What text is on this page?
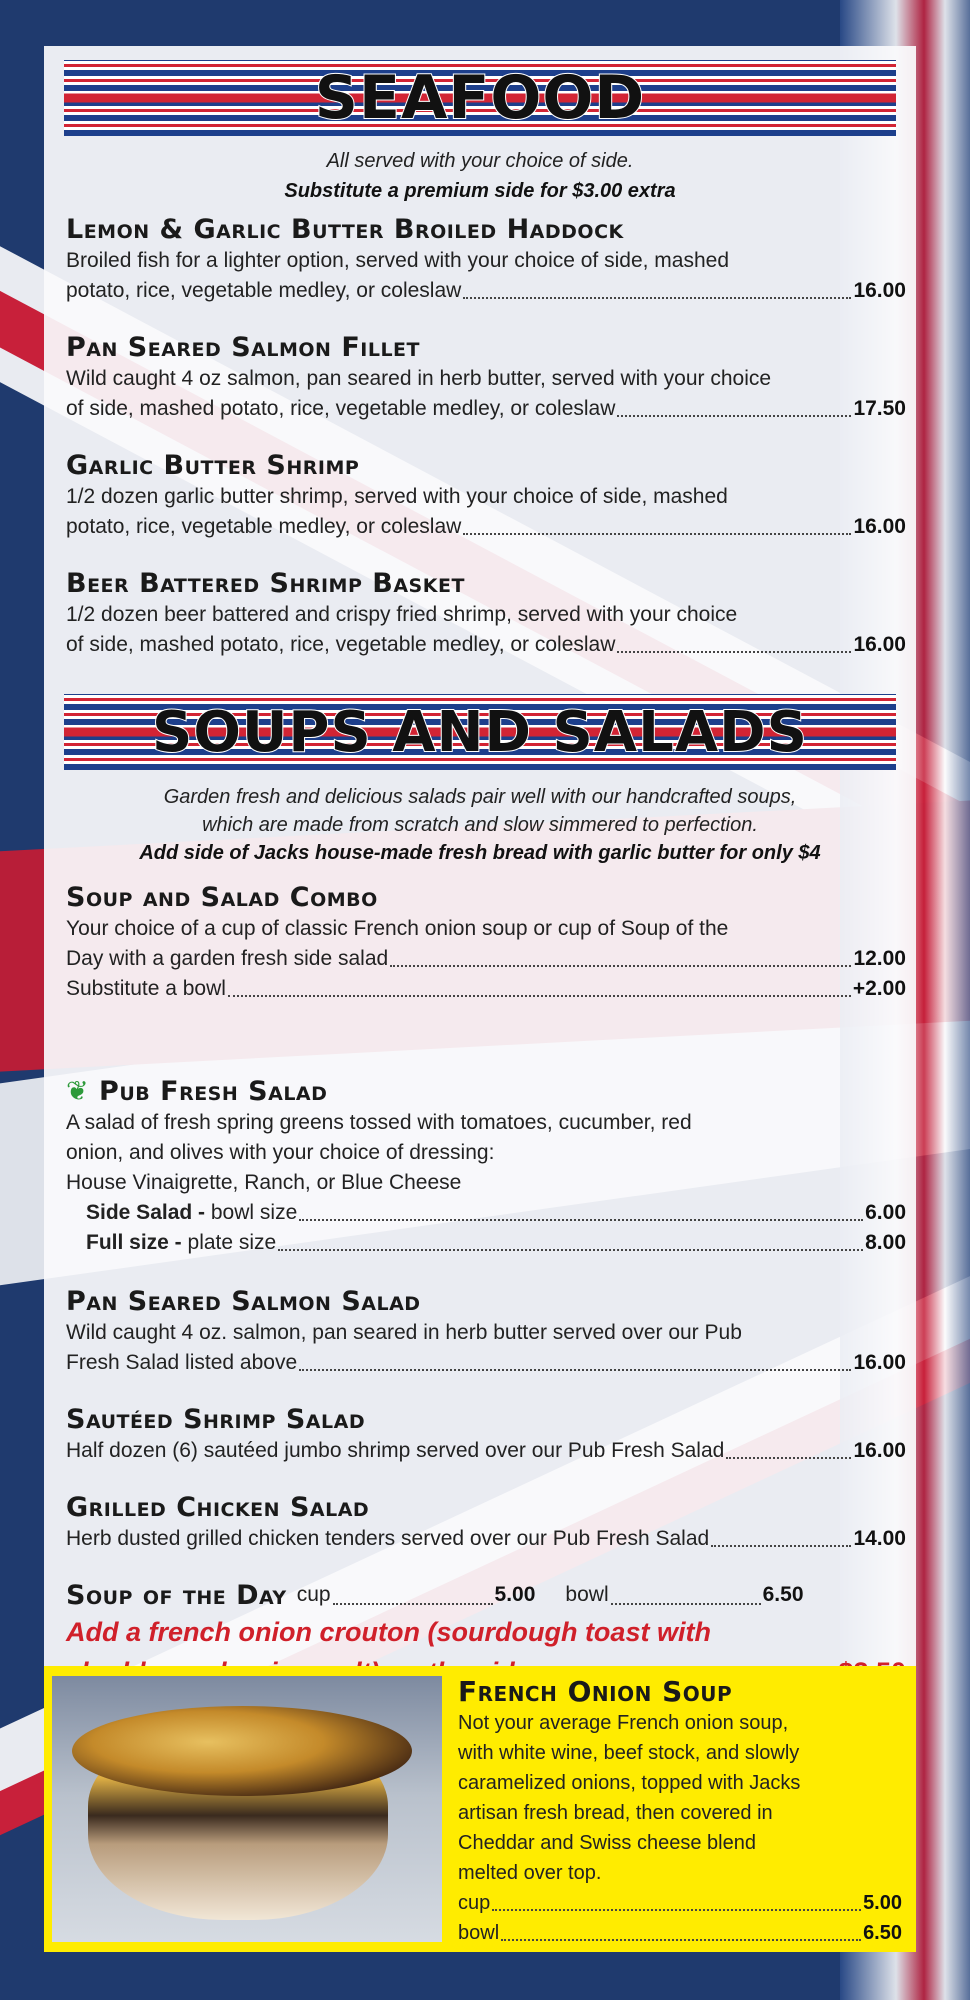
SEAFOOD
All served with your choice of side.
Substitute a premium side for $3.00 extra
Lemon & Garlic Butter Broiled Haddock
Broiled fish for a lighter option, served with your choice of side, mashed
potato, rice, vegetable medley, or coleslaw	16.00
Pan Seared Salmon Fillet
Wild caught 4 oz salmon, pan seared in herb butter, served with your choice
of side, mashed potato, rice, vegetable medley, or coleslaw	17.50
Garlic Butter Shrimp
1/2 dozen garlic butter shrimp, served with your choice of side, mashed
potato, rice, vegetable medley, or coleslaw	16.00
Beer Battered Shrimp Basket
1/2 dozen beer battered and crispy fried shrimp, served with your choice
of side, mashed potato, rice, vegetable medley, or coleslaw	16.00
SOUPS AND SALADS
Garden fresh and delicious salads pair well with our handcrafted soups,
which are made from scratch and slow simmered to perfection.
Add side of Jacks house-made fresh bread with garlic butter for only $4
Soup and Salad Combo
Your choice of a cup of classic French onion soup or cup of Soup of the
Day with a garden fresh side salad	12.00
Substitute a bowl	+2.00
❦ Pub Fresh Salad
A salad of fresh spring greens tossed with tomatoes, cucumber, red
onion, and olives with your choice of dressing:
House Vinaigrette, Ranch, or Blue Cheese
Side Salad - bowl size	6.00
Full size - plate size	8.00
Pan Seared Salmon Salad
Wild caught 4 oz. salmon, pan seared in herb butter served over our Pub
Fresh Salad listed above	16.00
Sautéed Shrimp Salad
Half dozen (6) sautéed jumbo shrimp served over our Pub Fresh Salad	16.00
Grilled Chicken Salad
Herb dusted grilled chicken tenders served over our Pub Fresh Salad	14.00
Soup of the Day cup	5.00 bowl	6.50
Add a french onion crouton (sourdough toast with
French Onion Soup
Not your average French onion soup,
with white wine, beef stock, and slowly
caramelized onions, topped with Jacks
artisan fresh bread, then covered in
Cheddar and Swiss cheese blend
melted over top.
cup	5.00
bowl	6.50
